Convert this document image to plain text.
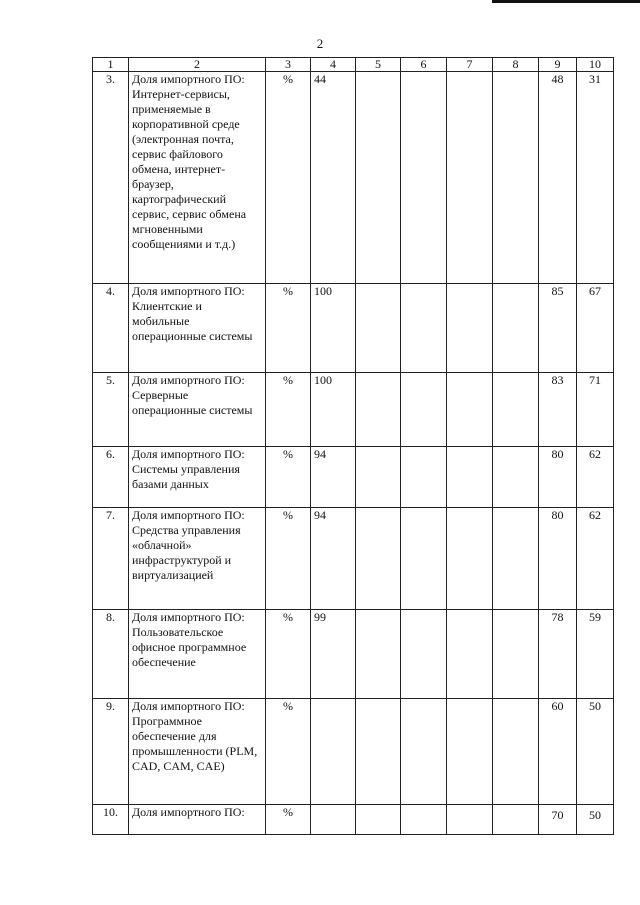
2
1	2	3	4	5	6	7	8	9	10
3.	Доля импортного ПО: Интернет-сервисы, применяемые в корпоративной среде (электронная почта, сервис файлового обмена, интернет-браузер, картографический сервис, сервис обмена мгновенными сообщениями и т.д.)	%	44					48	31
4.	Доля импортного ПО: Клиентские и мобильные операционные системы	%	100					85	67
5.	Доля импортного ПО: Серверные операционные системы	%	100					83	71
6.	Доля импортного ПО: Системы управления базами данных	%	94					80	62
7.	Доля импортного ПО: Средства управления «облачной» инфраструктурой и виртуализацией	%	94					80	62
8.	Доля импортного ПО: Пользовательское офисное программное обеспечение	%	99					78	59
9.	Доля импортного ПО: Программное обеспечение для промышленности (PLM, CAD, CAM, CAE)	%						60	50
10.	Доля импортного ПО:	%						70	50
